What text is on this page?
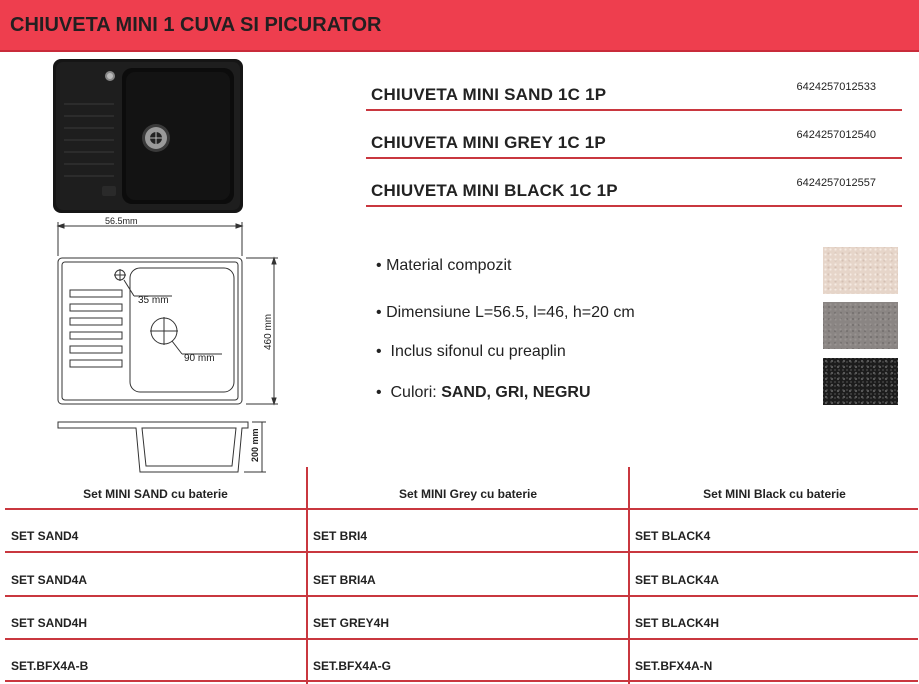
CHIUVETA MINI 1 CUVA SI PICURATOR
56.5mm
35 mm
90 mm
460 mm
200 mm
CHIUVETA MINI SAND 1C 1P	6424257012533
CHIUVETA MINI GREY 1C 1P	6424257012540
CHIUVETA MINI BLACK 1C 1P	6424257012557
• Material compozit
• Dimensiune L=56.5, l=46, h=20 cm
• Inclus sifonul cu preaplin
• Culori: SAND, GRI, NEGRU
Set MINI SAND cu baterie	Set MINI Grey cu baterie	Set MINI Black cu baterie
SET SAND4	SET BRI4	SET BLACK4
SET SAND4A	SET BRI4A	SET BLACK4A
SET SAND4H	SET GREY4H	SET BLACK4H
SET.BFX4A-B	SET.BFX4A-G	SET.BFX4A-N
